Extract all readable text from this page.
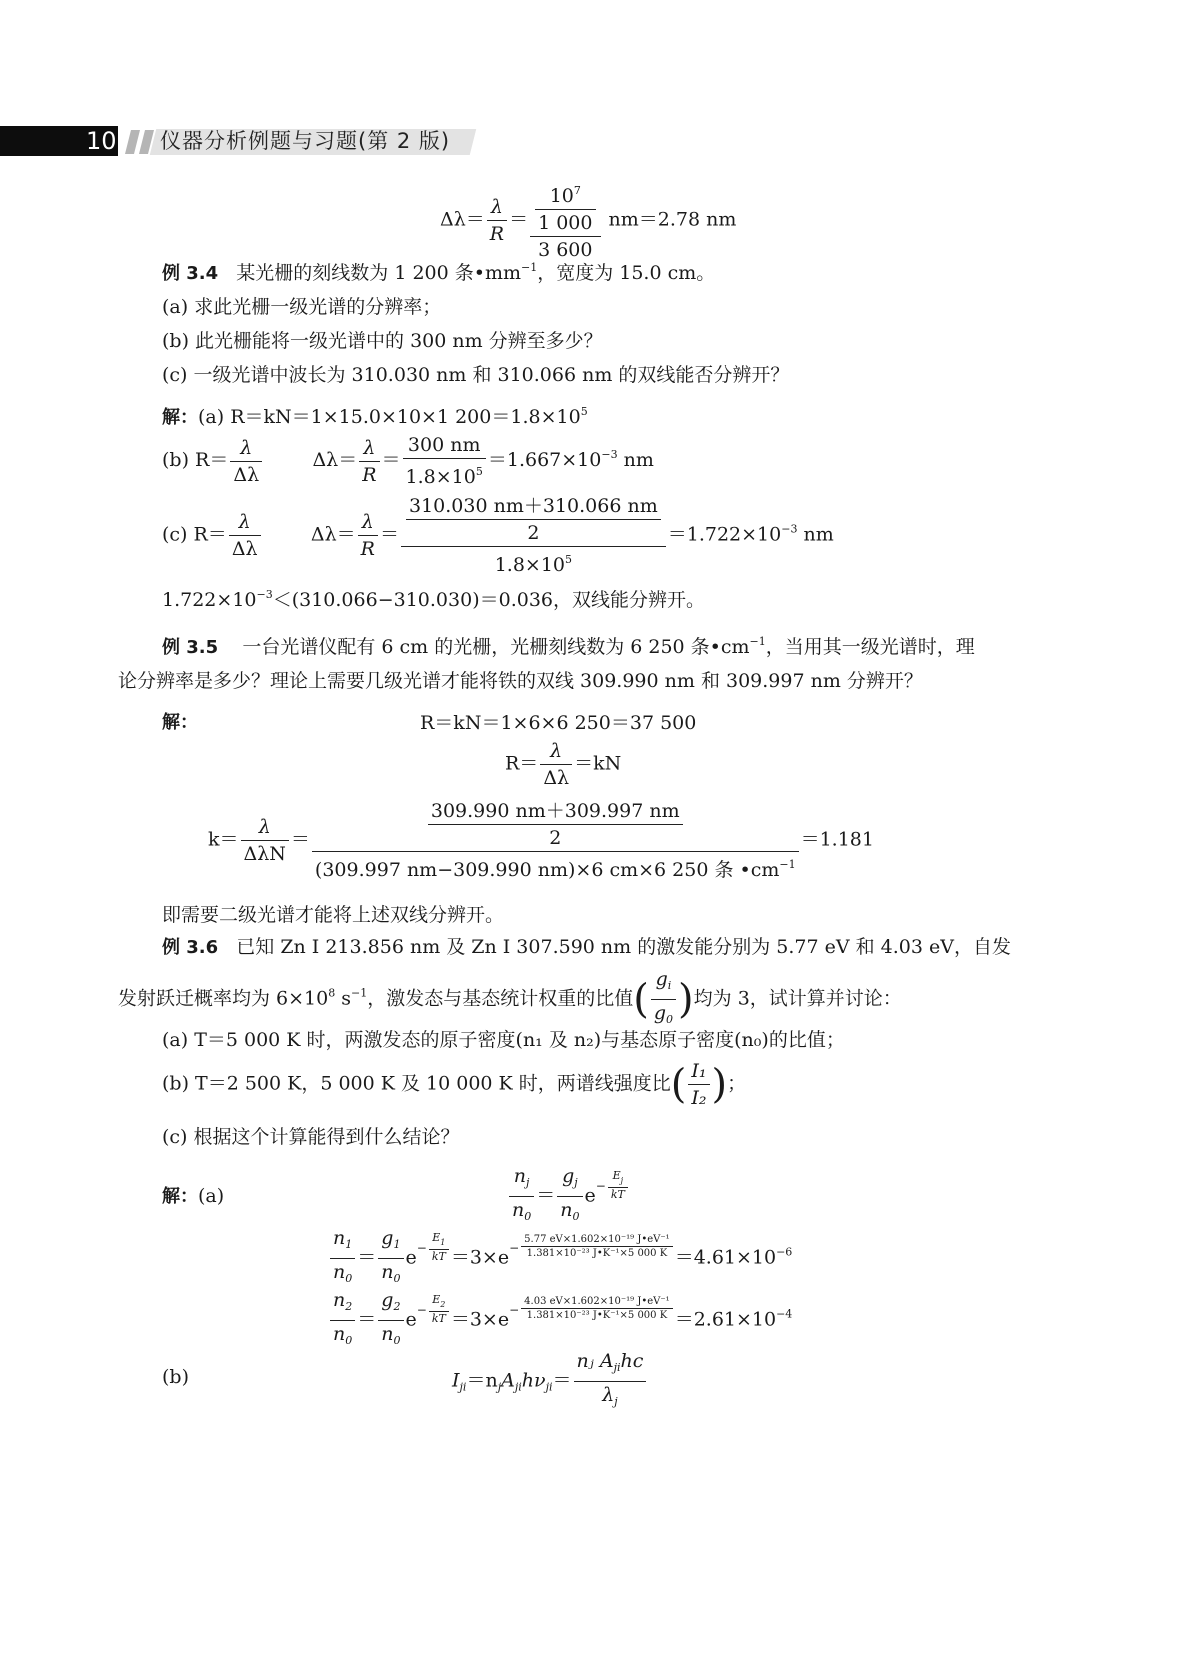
10 仪器分析例题与习题(第 2 版)
$\Delta\lambda= \frac{\lambda}{R} = \frac{\frac{10^7}{1 000}}{3 600} nm=2.78$ nm
例 3.4 某光栅的刻线数为 1 200 条$•mm^{-1}$，宽度为 15.0 cm。
(a) 求此光栅一级光谱的分辨率；
(b) 此光栅能将一级光谱中的 300 nm 分辨至多少？
(c) 一级光谱中波长为 310.030 nm 和 310.066 nm 的双线能否分辨开？
解：(a) R＝kN＝1×15.0×10×1 $200=1.8\times 10^5$
(b) $R= \frac{\lambda}{\Delta\lambda}$	$\Delta\lambda= \frac{\lambda}{R} = \frac{300 nm}{1.8\times 10^5} =1.667\times 10^{-3}$ nm
(c) $R= \frac{\lambda}{\Delta\lambda}$	$\Delta\lambda= \frac{\lambda}{R} = \frac{\frac{310.030 nm+310.066 nm}{2}}{1.8\times 10^5} =1.722\times 10^{-3}$ nm
$1.722\times 10^{-3}<(310.066-310.030)=0.036$，双线能分辨开。
例 3.5 一台光谱仪配有 6 cm 的光栅，光栅刻线数为 6 250 条$•cm^{-1}$，当用其一级光谱时，理
论分辨率是多少？理论上需要几级光谱才能将铁的双线 309.990 nm 和 309.997 nm 分辨开？
解：	R＝kN＝1×6×6 250＝37 500
$R= \frac{\lambda}{\Delta\lambda} =kN$
k＝
λ
ΔλN
＝	$\frac{309.990 nm+309.997 nm}{2}$
(309.997 nm−309.990 nm)×6 cm×6 250 条 $•cm^{-1}$
＝1.181
即需要二级光谱才能将上述双线分辨开。
例 3.6 已知 Zn Ⅰ 213.856 nm 及 Zn Ⅰ 307.590 nm 的激发能分别为 5.77 eV 和 4.03 eV，自发
发射跃迁概率均为 $6\times 10^8$ $s^{-1}$，激发态与基态统计权重的比值( $\frac{g_i}{g_0}$ )均为 3，试计算并讨论：
(a) T＝5 000 K 时，两激发态的原子密度(n₁ 及 n₂)与基态原子密度(n₀)的比值；
(b) T＝2 500 K，5 000 K 及 10 000 K 时，两谱线强度比( $\frac{\text{I₁}}{\text{I₂}}$ )；
(c) 根据这个计算能得到什么结论？
解：(a)	$\frac{n_j}{n_0} = \frac{g_j}{n_0} e- \frac{E_j}{kT}$
$\frac{n_1}{n_0} = \frac{g_1}{n_0} e- \frac{E_1}{kT} =3\times e- \frac{\text{5.77 eV×1.602×10⁻¹⁹ J•eV⁻¹}}{\text{1.381×10⁻²³ J•K⁻¹×5 000 K}} =4.61\times 10^{-6}$
$\frac{n_2}{n_0} = \frac{g_2}{n_0} e- \frac{E_2}{kT} =3\times e- \frac{\text{4.03 eV×1.602×10⁻¹⁹ J•eV⁻¹}}{\text{1.381×10⁻²³ J•K⁻¹×5 000 K}} =2.61\times 10^{-4}$
(b)	$I_{ji}=n_jA_{ji}h\nu_{ji}=$
nⱼ $A_{ji}hc$
$\lambda_j$
